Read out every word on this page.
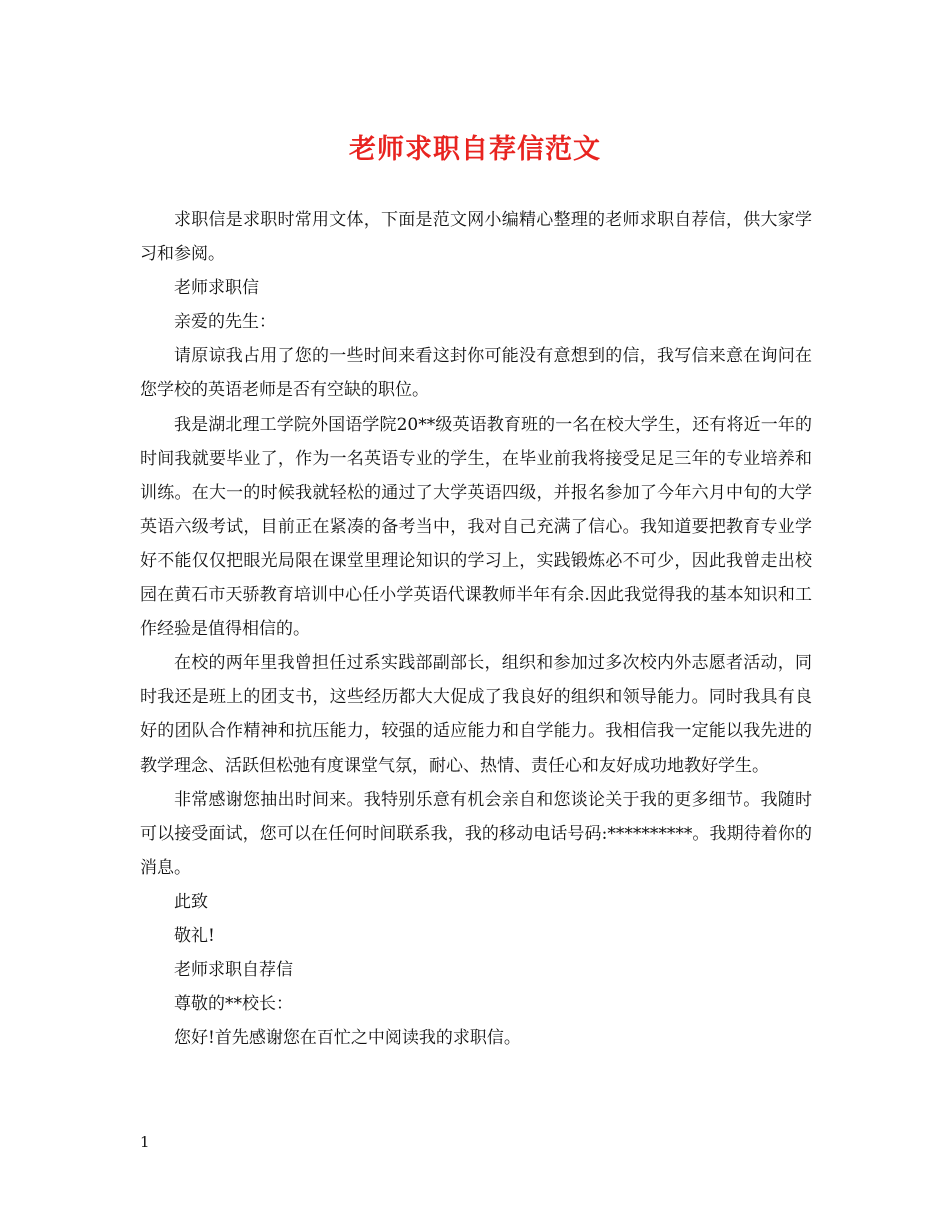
老师求职自荐信范文

求职信是求职时常用文体，下面是范文网小编精心整理的老师求职自荐信，供大家学习和参阅。

老师求职信

亲爱的先生：

请原谅我占用了您的一些时间来看这封你可能没有意想到的信，我写信来意在询问在您学校的英语老师是否有空缺的职位。

我是湖北理工学院外国语学院20**级英语教育班的一名在校大学生，还有将近一年的时间我就要毕业了，作为一名英语专业的学生，在毕业前我将接受足足三年的专业培养和训练。在大一的时候我就轻松的通过了大学英语四级，并报名参加了今年六月中旬的大学英语六级考试，目前正在紧凑的备考当中，我对自己充满了信心。我知道要把教育专业学好不能仅仅把眼光局限在课堂里理论知识的学习上，实践锻炼必不可少，因此我曾走出校园在黄石市天骄教育培训中心任小学英语代课教师半年有余.因此我觉得我的基本知识和工作经验是值得相信的。

在校的两年里我曾担任过系实践部副部长，组织和参加过多次校内外志愿者活动，同时我还是班上的团支书，这些经历都大大促成了我良好的组织和领导能力。同时我具有良好的团队合作精神和抗压能力，较强的适应能力和自学能力。我相信我一定能以我先进的教学理念、活跃但松弛有度课堂气氛，耐心、热情、责任心和友好成功地教好学生。

非常感谢您抽出时间来。我特别乐意有机会亲自和您谈论关于我的更多细节。我随时可以接受面试，您可以在任何时间联系我，我的移动电话号码:**********。我期待着你的消息。

此致

敬礼!

老师求职自荐信

尊敬的**校长：

您好!首先感谢您在百忙之中阅读我的求职信。

1
